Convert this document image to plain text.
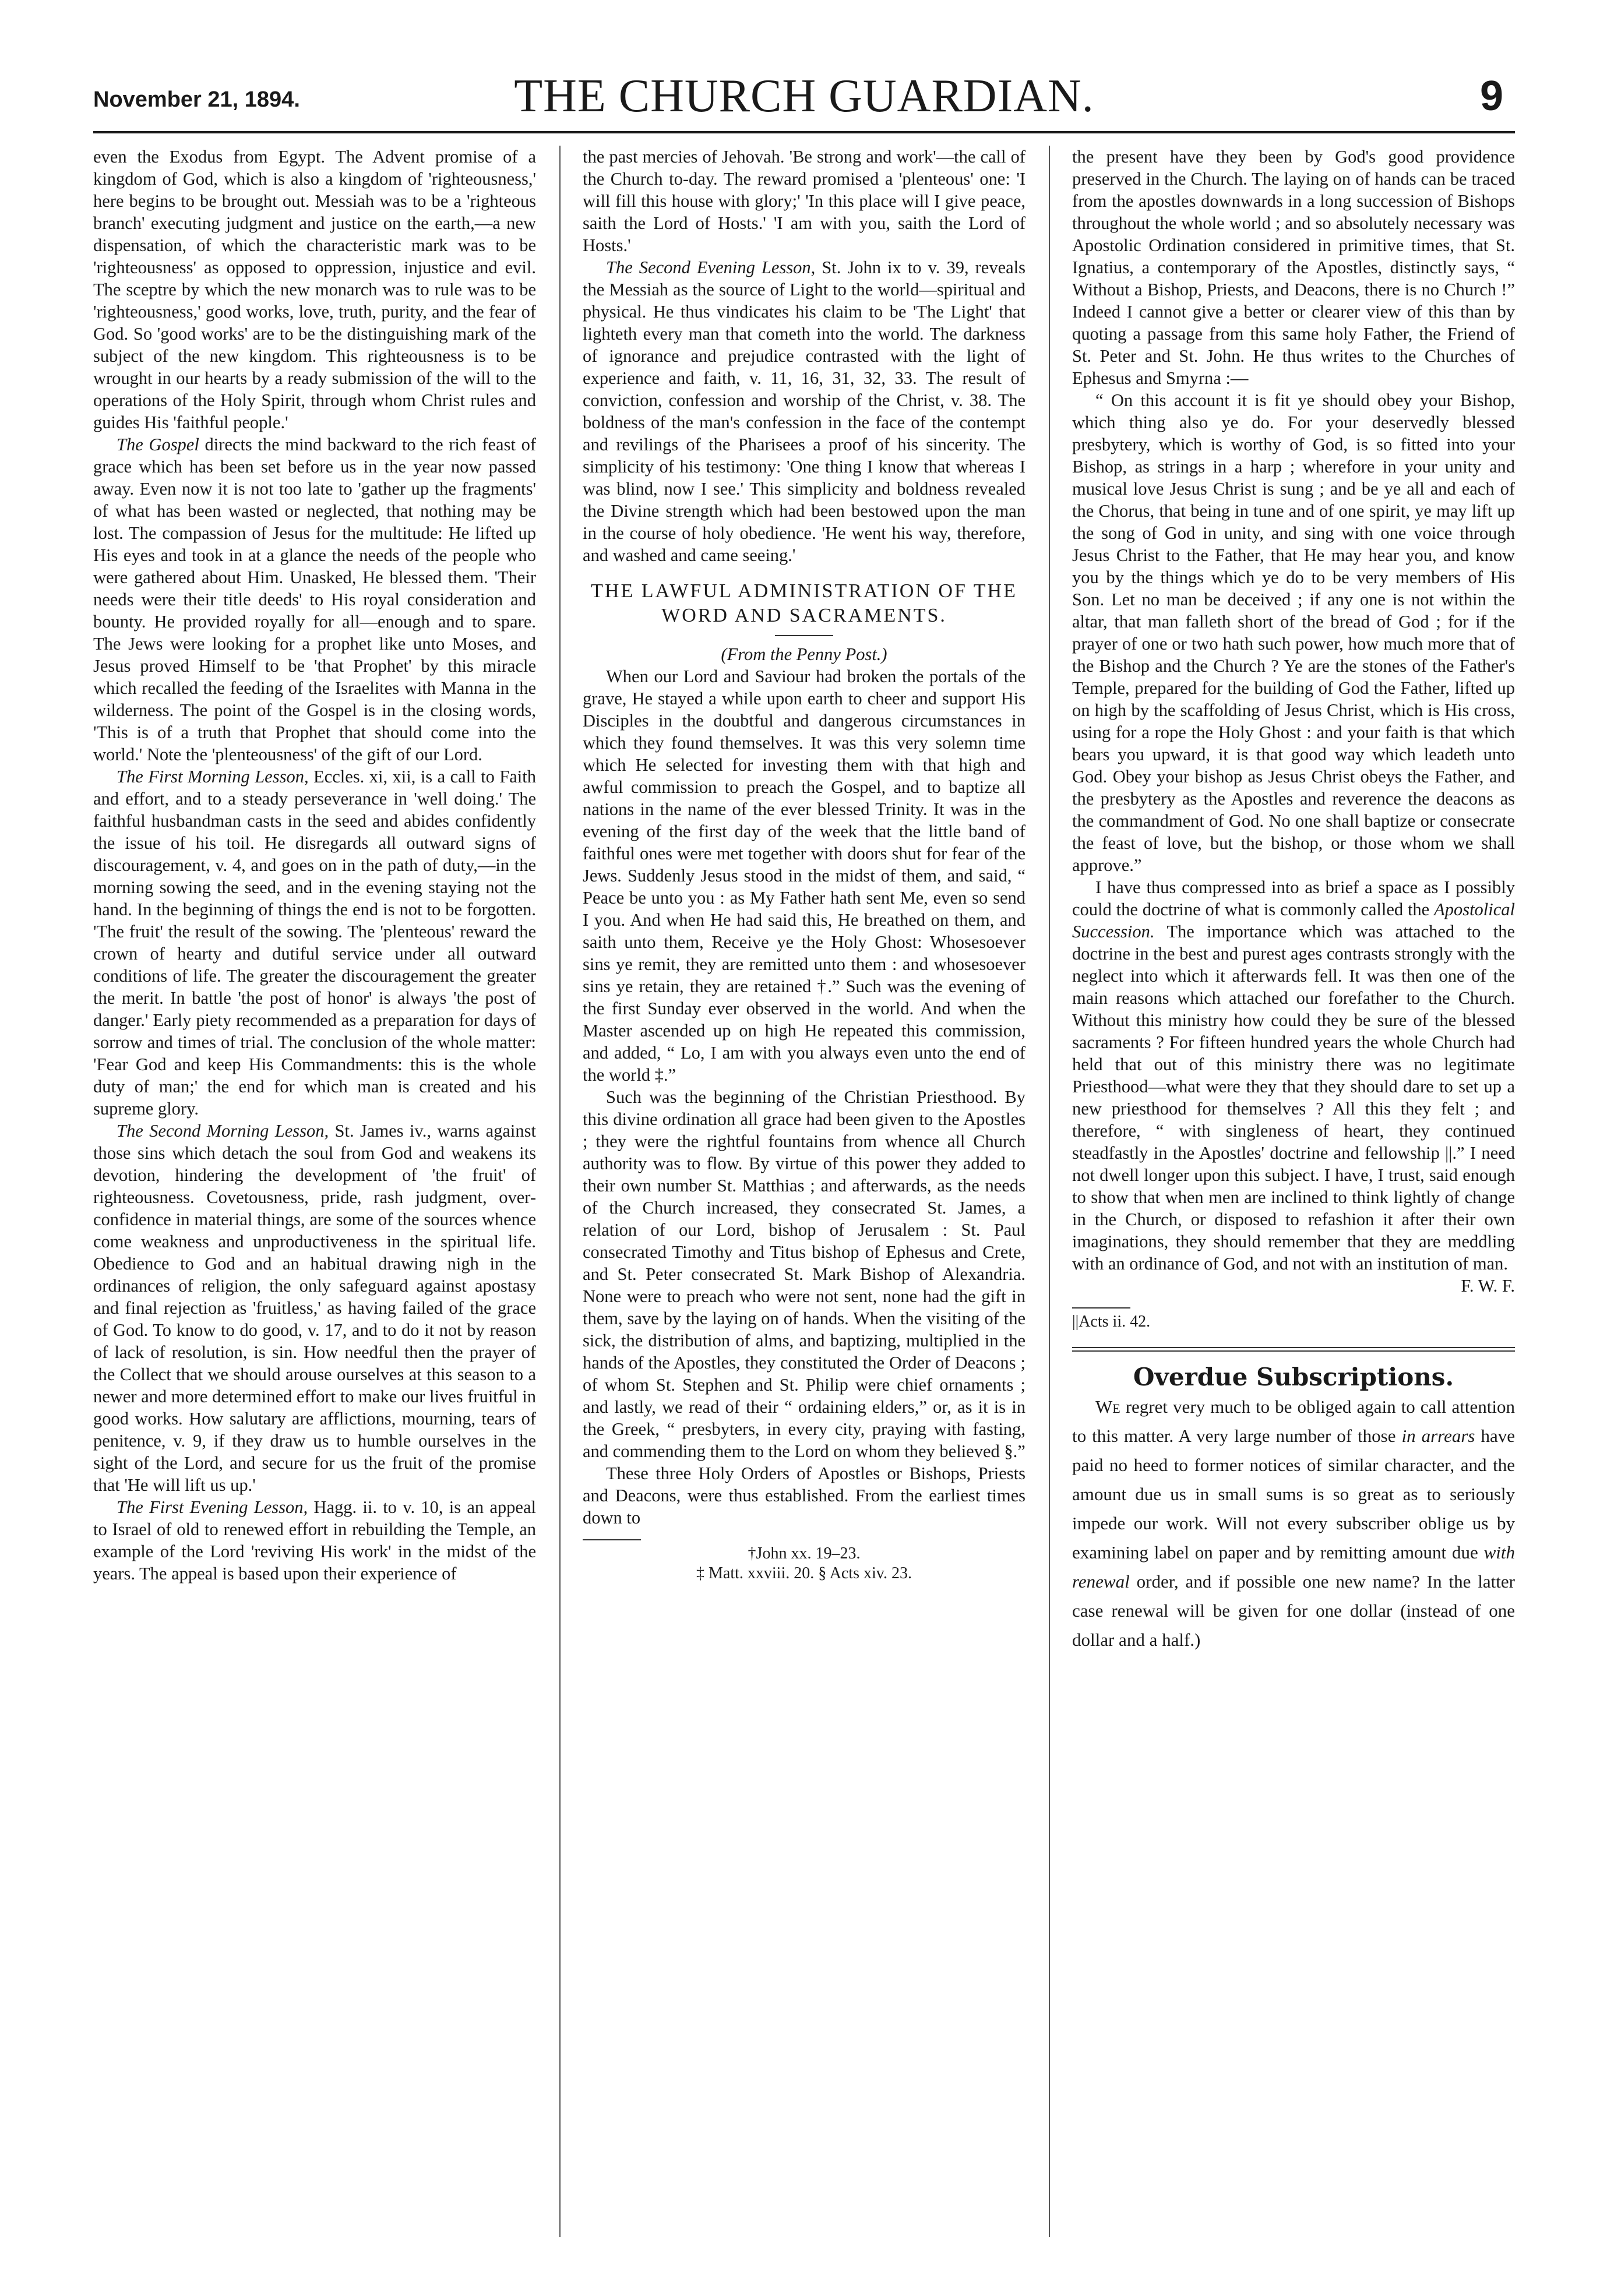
November 21, 1894.	THE CHURCH GUARDIAN.	9

even the Exodus from Egypt. The Advent promise of a kingdom of God, which is also a kingdom of 'righteousness,' here begins to be brought out. Messiah was to be a 'righteous branch' executing judgment and justice on the earth,—a new dispensation, of which the characteristic mark was to be 'righteousness' as opposed to oppression, injustice and evil. The sceptre by which the new monarch was to rule was to be 'righteousness,' good works, love, truth, purity, and the fear of God. So 'good works' are to be the distinguishing mark of the subject of the new kingdom. This righteousness is to be wrought in our hearts by a ready submission of the will to the operations of the Holy Spirit, through whom Christ rules and guides His 'faithful people.'

The Gospel directs the mind backward to the rich feast of grace which has been set before us in the year now passed away. Even now it is not too late to 'gather up the fragments' of what has been wasted or neglected, that nothing may be lost. The compassion of Jesus for the multitude: He lifted up His eyes and took in at a glance the needs of the people who were gathered about Him. Unasked, He blessed them. 'Their needs were their title deeds' to His royal consideration and bounty. He provided royally for all—enough and to spare. The Jews were looking for a prophet like unto Moses, and Jesus proved Himself to be 'that Prophet' by this miracle which recalled the feeding of the Israelites with Manna in the wilderness. The point of the Gospel is in the closing words, 'This is of a truth that Prophet that should come into the world.' Note the 'plenteousness' of the gift of our Lord.

The First Morning Lesson, Eccles. xi, xii, is a call to Faith and effort, and to a steady perseverance in 'well doing.' The faithful husbandman casts in the seed and abides confidently the issue of his toil. He disregards all outward signs of discouragement, v. 4, and goes on in the path of duty,—in the morning sowing the seed, and in the evening staying not the hand. In the beginning of things the end is not to be forgotten. 'The fruit' the result of the sowing. The 'plenteous' reward the crown of hearty and dutiful service under all outward conditions of life. The greater the discouragement the greater the merit. In battle 'the post of honor' is always 'the post of danger.' Early piety recommended as a preparation for days of sorrow and times of trial. The conclusion of the whole matter: 'Fear God and keep His Commandments: this is the whole duty of man;' the end for which man is created and his supreme glory.

The Second Morning Lesson, St. James iv., warns against those sins which detach the soul from God and weakens its devotion, hindering the development of 'the fruit' of righteousness. Covetousness, pride, rash judgment, over-confidence in material things, are some of the sources whence come weakness and unproductiveness in the spiritual life. Obedience to God and an habitual drawing nigh in the ordinances of religion, the only safeguard against apostasy and final rejection as 'fruitless,' as having failed of the grace of God. To know to do good, v. 17, and to do it not by reason of lack of resolution, is sin. How needful then the prayer of the Collect that we should arouse ourselves at this season to a newer and more determined effort to make our lives fruitful in good works. How salutary are afflictions, mourning, tears of penitence, v. 9, if they draw us to humble ourselves in the sight of the Lord, and secure for us the fruit of the promise that 'He will lift us up.'

The First Evening Lesson, Hagg. ii. to v. 10, is an appeal to Israel of old to renewed effort in rebuilding the Temple, an example of the Lord 'reviving His work' in the midst of the years. The appeal is based upon their experience of

the past mercies of Jehovah. 'Be strong and work'—the call of the Church to-day. The reward promised a 'plenteous' one: 'I will fill this house with glory;' 'In this place will I give peace, saith the Lord of Hosts.' 'I am with you, saith the Lord of Hosts.'

The Second Evening Lesson, St. John ix to v. 39, reveals the Messiah as the source of Light to the world—spiritual and physical. He thus vindicates his claim to be 'The Light' that lighteth every man that cometh into the world. The darkness of ignorance and prejudice contrasted with the light of experience and faith, v. 11, 16, 31, 32, 33. The result of conviction, confession and worship of the Christ, v. 38. The boldness of the man's confession in the face of the contempt and revilings of the Pharisees a proof of his sincerity. The simplicity of his testimony: 'One thing I know that whereas I was blind, now I see.' This simplicity and boldness revealed the Divine strength which had been bestowed upon the man in the course of holy obedience. 'He went his way, therefore, and washed and came seeing.'

THE LAWFUL ADMINISTRATION OF THE WORD AND SACRAMENTS.

(From the Penny Post.)

When our Lord and Saviour had broken the portals of the grave, He stayed a while upon earth to cheer and support His Disciples in the doubtful and dangerous circumstances in which they found themselves. It was this very solemn time which He selected for investing them with that high and awful commission to preach the Gospel, and to baptize all nations in the name of the ever blessed Trinity. It was in the evening of the first day of the week that the little band of faithful ones were met together with doors shut for fear of the Jews. Suddenly Jesus stood in the midst of them, and said, “ Peace be unto you : as My Father hath sent Me, even so send I you. And when He had said this, He breathed on them, and saith unto them, Receive ye the Holy Ghost: Whosesoever sins ye remit, they are remitted unto them : and whosesoever sins ye retain, they are retained †.” Such was the evening of the first Sunday ever observed in the world. And when the Master ascended up on high He repeated this commission, and added, “ Lo, I am with you always even unto the end of the world ‡.”

Such was the beginning of the Christian Priesthood. By this divine ordination all grace had been given to the Apostles ; they were the rightful fountains from whence all Church authority was to flow. By virtue of this power they added to their own number St. Matthias ; and afterwards, as the needs of the Church increased, they consecrated St. James, a relation of our Lord, bishop of Jerusalem : St. Paul consecrated Timothy and Titus bishop of Ephesus and Crete, and St. Peter consecrated St. Mark Bishop of Alexandria. None were to preach who were not sent, none had the gift in them, save by the laying on of hands. When the visiting of the sick, the distribution of alms, and baptizing, multiplied in the hands of the Apostles, they constituted the Order of Deacons ; of whom St. Stephen and St. Philip were chief ornaments ; and lastly, we read of their “ ordaining elders,” or, as it is in the Greek, “ presbyters, in every city, praying with fasting, and commending them to the Lord on whom they believed §.”

These three Holy Orders of Apostles or Bishops, Priests and Deacons, were thus established. From the earliest times down to

†John xx. 19–23.

‡ Matt. xxviii. 20. § Acts xiv. 23.

the present have they been by God's good providence preserved in the Church. The laying on of hands can be traced from the apostles downwards in a long succession of Bishops throughout the whole world ; and so absolutely necessary was Apostolic Ordination considered in primitive times, that St. Ignatius, a contemporary of the Apostles, distinctly says, “ Without a Bishop, Priests, and Deacons, there is no Church !” Indeed I cannot give a better or clearer view of this than by quoting a passage from this same holy Father, the Friend of St. Peter and St. John. He thus writes to the Churches of Ephesus and Smyrna :—

“ On this account it is fit ye should obey your Bishop, which thing also ye do. For your deservedly blessed presbytery, which is worthy of God, is so fitted into your Bishop, as strings in a harp ; wherefore in your unity and musical love Jesus Christ is sung ; and be ye all and each of the Chorus, that being in tune and of one spirit, ye may lift up the song of God in unity, and sing with one voice through Jesus Christ to the Father, that He may hear you, and know you by the things which ye do to be very members of His Son. Let no man be deceived ; if any one is not within the altar, that man falleth short of the bread of God ; for if the prayer of one or two hath such power, how much more that of the Bishop and the Church ? Ye are the stones of the Father's Temple, prepared for the building of God the Father, lifted up on high by the scaffolding of Jesus Christ, which is His cross, using for a rope the Holy Ghost : and your faith is that which bears you upward, it is that good way which leadeth unto God. Obey your bishop as Jesus Christ obeys the Father, and the presbytery as the Apostles and reverence the deacons as the commandment of God. No one shall baptize or consecrate the feast of love, but the bishop, or those whom we shall approve.”

I have thus compressed into as brief a space as I possibly could the doctrine of what is commonly called the Apostolical Succession. The importance which was attached to the doctrine in the best and purest ages contrasts strongly with the neglect into which it afterwards fell. It was then one of the main reasons which attached our forefather to the Church. Without this ministry how could they be sure of the blessed sacraments ? For fifteen hundred years the whole Church had held that out of this ministry there was no legitimate Priesthood—what were they that they should dare to set up a new priesthood for themselves ? All this they felt ; and therefore, “ with singleness of heart, they continued steadfastly in the Apostles' doctrine and fellowship ||.” I need not dwell longer upon this subject. I have, I trust, said enough to show that when men are inclined to think lightly of change in the Church, or disposed to refashion it after their own imaginations, they should remember that they are meddling with an ordinance of God, and not with an institution of man.

F. W. F.

||Acts ii. 42.

Overdue Subscriptions.

We regret very much to be obliged again to call attention to this matter. A very large number of those in arrears have paid no heed to former notices of similar character, and the amount due us in small sums is so great as to seriously impede our work. Will not every subscriber oblige us by examining label on paper and by remitting amount due with renewal order, and if possible one new name? In the latter case renewal will be given for one dollar (instead of one dollar and a half.)
